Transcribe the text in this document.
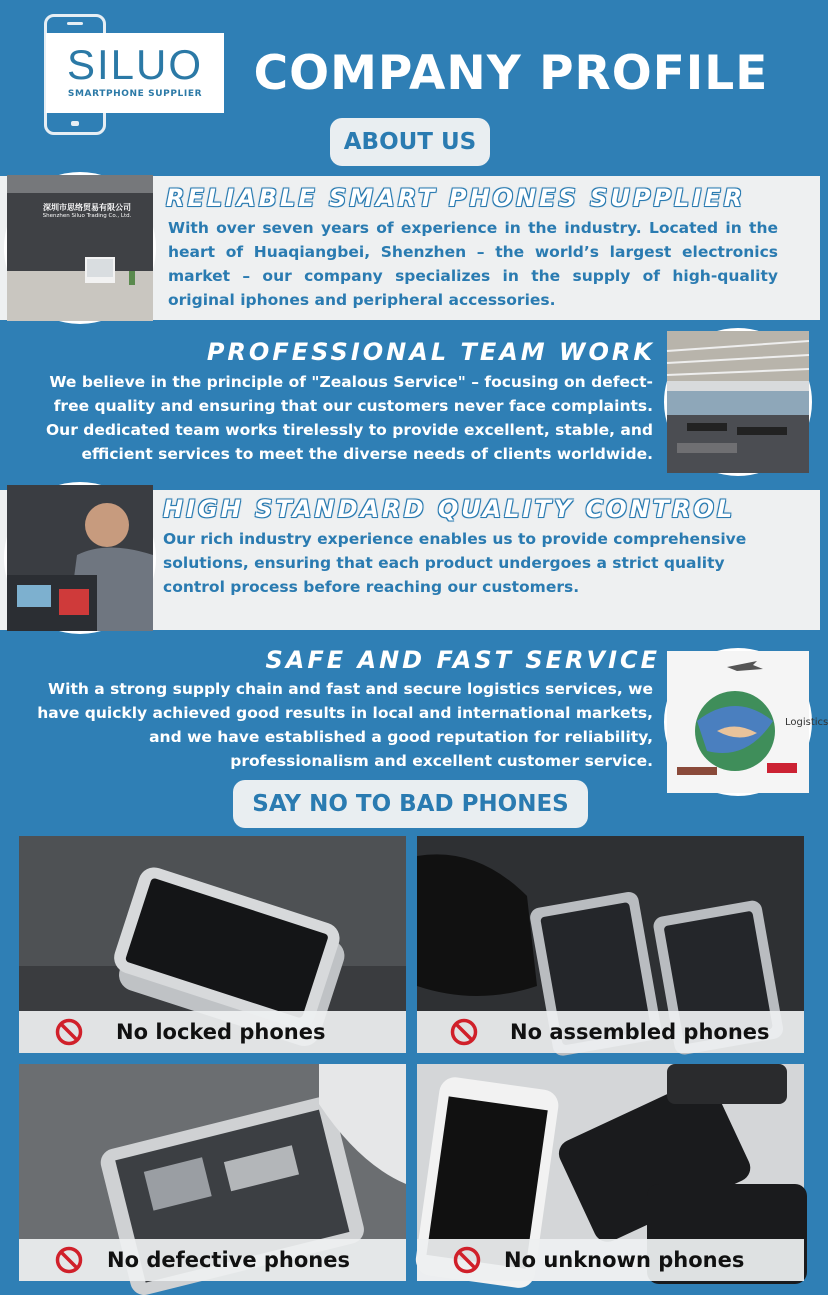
SILUO
SMARTPHONE SUPPLIER	COMPANY PROFILE
ABOUT US
RELIABLE SMART PHONES SUPPLIER
With over seven years of experience in the industry. Located in the heart of Huaqiangbei, Shenzhen – the world’s largest electronics market – our company specializes in the supply of high-quality original iphones and peripheral accessories.
深圳市思络贸易有限公司
Shenzhen Siluo Trading Co., Ltd.
PROFESSIONAL TEAM WORK
We believe in the principle of "Zealous Service" – focusing on defect-free quality and ensuring that our customers never face complaints. Our dedicated team works tirelessly to provide excellent, stable, and efficient services to meet the diverse needs of clients worldwide.
HIGH STANDARD QUALITY CONTROL
Our rich industry experience enables us to provide comprehensive solutions, ensuring that each product undergoes a strict quality control process before reaching our customers.
SAFE AND FAST SERVICE
With a strong supply chain and fast and secure logistics services, we have quickly achieved good results in local and international markets, and we have established a good reputation for reliability, professionalism and excellent customer service.
Logistics
SAY NO TO BAD PHONES
No locked phones	No assembled phones
No defective phones	No unknown phones
